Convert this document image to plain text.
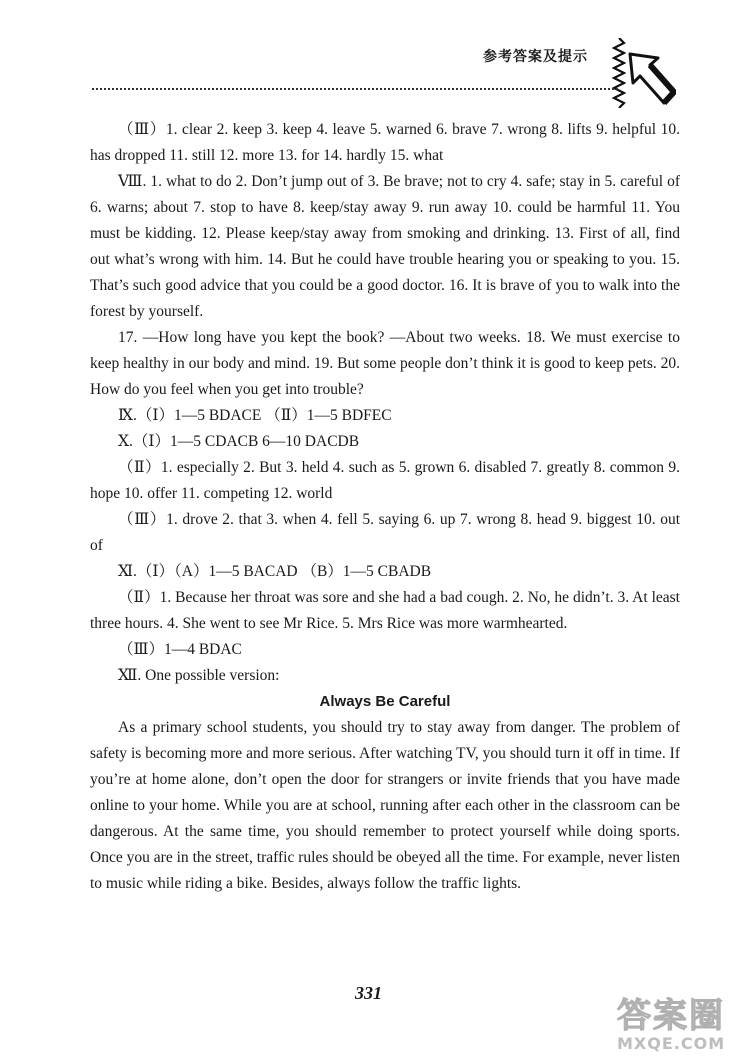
参考答案及提示

（Ⅲ）1. clear 2. keep 3. keep 4. leave 5. warned 6. brave 7. wrong 8. lifts 9. helpful 10. has dropped 11. still 12. more 13. for 14. hardly 15. what

Ⅷ. 1. what to do 2. Don’t jump out of 3. Be brave; not to cry 4. safe; stay in 5. careful of 6. warns; about 7. stop to have 8. keep/stay away 9. run away 10. could be harmful 11. You must be kidding. 12. Please keep/stay away from smoking and drinking. 13. First of all, find out what’s wrong with him. 14. But he could have trouble hearing you or speaking to you. 15. That’s such good advice that you could be a good doctor. 16. It is brave of you to walk into the forest by yourself.

17. —How long have you kept the book? —About two weeks. 18. We must exercise to keep healthy in our body and mind. 19. But some people don’t think it is good to keep pets. 20. How do you feel when you get into trouble?

Ⅸ.（Ⅰ）1—5 BDACE （Ⅱ）1—5 BDFEC

Ⅹ.（Ⅰ）1—5 CDACB 6—10 DACDB

（Ⅱ）1. especially 2. But 3. held 4. such as 5. grown 6. disabled 7. greatly 8. common 9. hope 10. offer 11. competing 12. world

（Ⅲ）1. drove 2. that 3. when 4. fell 5. saying 6. up 7. wrong 8. head 9. biggest 10. out of

Ⅺ.（Ⅰ）（A）1—5 BACAD （B）1—5 CBADB

（Ⅱ）1. Because her throat was sore and she had a bad cough. 2. No, he didn’t. 3. At least three hours. 4. She went to see Mr Rice. 5. Mrs Rice was more warmhearted.

（Ⅲ）1—4 BDAC

Ⅻ. One possible version:

Always Be Careful

As a primary school students, you should try to stay away from danger. The problem of safety is becoming more and more serious. After watching TV, you should turn it off in time. If you’re at home alone, don’t open the door for strangers or invite friends that you have made online to your home. While you are at school, running after each other in the classroom can be dangerous. At the same time, you should remember to protect yourself while doing sports. Once you are in the street, traffic rules should be obeyed all the time. For example, never listen to music while riding a bike. Besides, always follow the traffic lights.

331
答案圈
MXQE.COM
